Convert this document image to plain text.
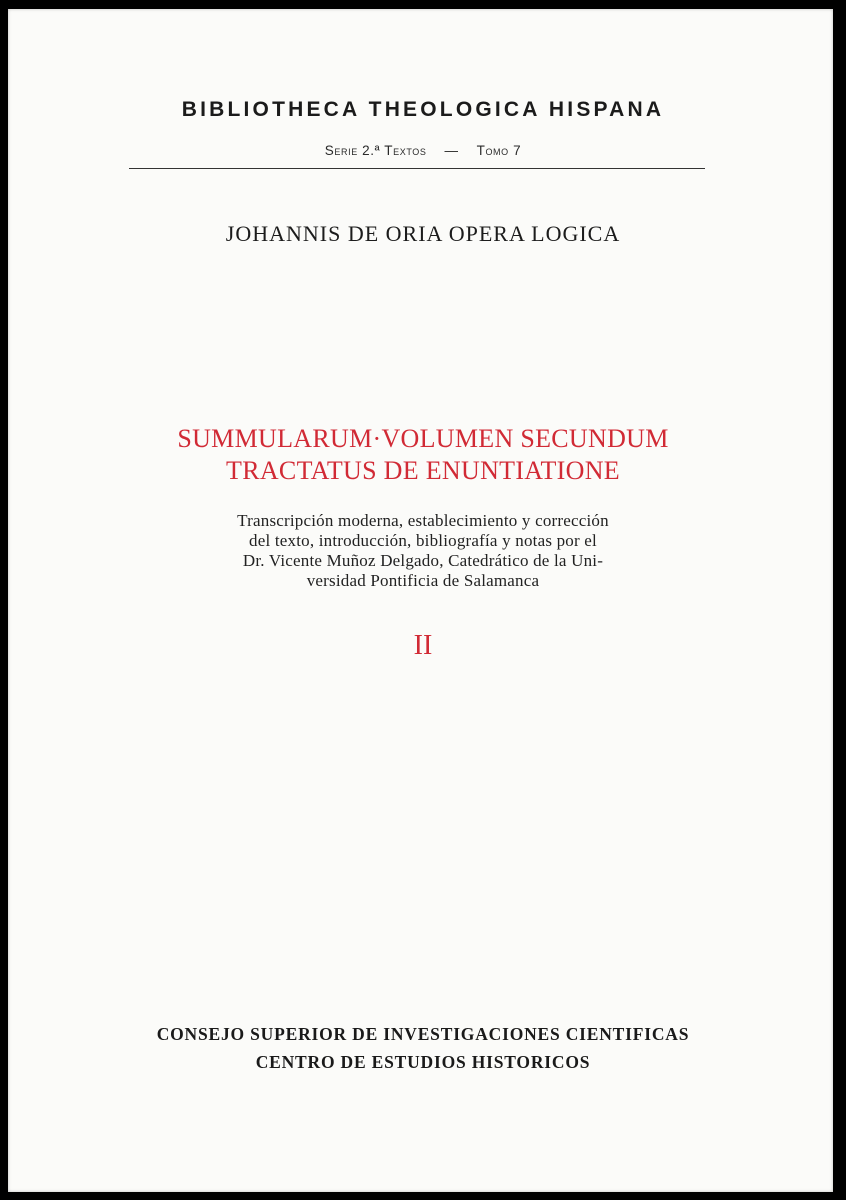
BIBLIOTHECA THEOLOGICA HISPANA
Serie 2.ª Textos — Tomo 7
JOHANNIS DE ORIA OPERA LOGICA
SUMMULARUM·VOLUMEN SECUNDUM
TRACTATUS DE ENUNTIATIONE
Transcripción moderna, establecimiento y corrección
del texto, introducción, bibliografía y notas por el
Dr. Vicente Muñoz Delgado, Catedrático de la Uni-
versidad Pontificia de Salamanca
II
CONSEJO SUPERIOR DE INVESTIGACIONES CIENTIFICAS
CENTRO DE ESTUDIOS HISTORICOS
